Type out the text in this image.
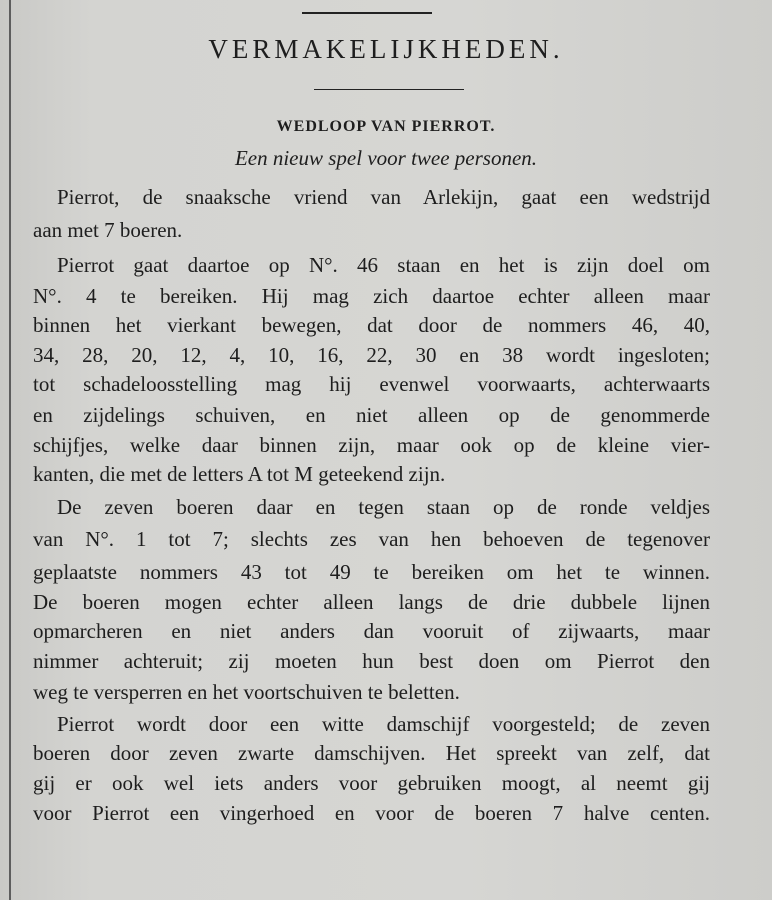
VERMAKELIJKHEDEN.
WEDLOOP VAN PIERROT.
Een nieuw spel voor twee personen.
Pierrot, de snaaksche vriend van Arlekijn, gaat een wedstrijd
aan met 7 boeren.
Pierrot gaat daartoe op N°. 46 staan en het is zijn doel om
N°. 4 te bereiken. Hij mag zich daartoe echter alleen maar
binnen het vierkant bewegen, dat door de nommers 46, 40,
34, 28, 20, 12, 4, 10, 16, 22, 30 en 38 wordt ingesloten;
tot schadeloosstelling mag hij evenwel voorwaarts, achterwaarts
en zijdelings schuiven, en niet alleen op de genommerde
schijfjes, welke daar binnen zijn, maar ook op de kleine vier-
kanten, die met de letters A tot M geteekend zijn.
De zeven boeren daar en tegen staan op de ronde veldjes
van N°. 1 tot 7; slechts zes van hen behoeven de tegenover
geplaatste nommers 43 tot 49 te bereiken om het te winnen.
De boeren mogen echter alleen langs de drie dubbele lijnen
opmarcheren en niet anders dan vooruit of zijwaarts, maar
nimmer achteruit; zij moeten hun best doen om Pierrot den
weg te versperren en het voortschuiven te beletten.
Pierrot wordt door een witte damschijf voorgesteld; de zeven
boeren door zeven zwarte damschijven. Het spreekt van zelf, dat
gij er ook wel iets anders voor gebruiken moogt, al neemt gij
voor Pierrot een vingerhoed en voor de boeren 7 halve centen.
